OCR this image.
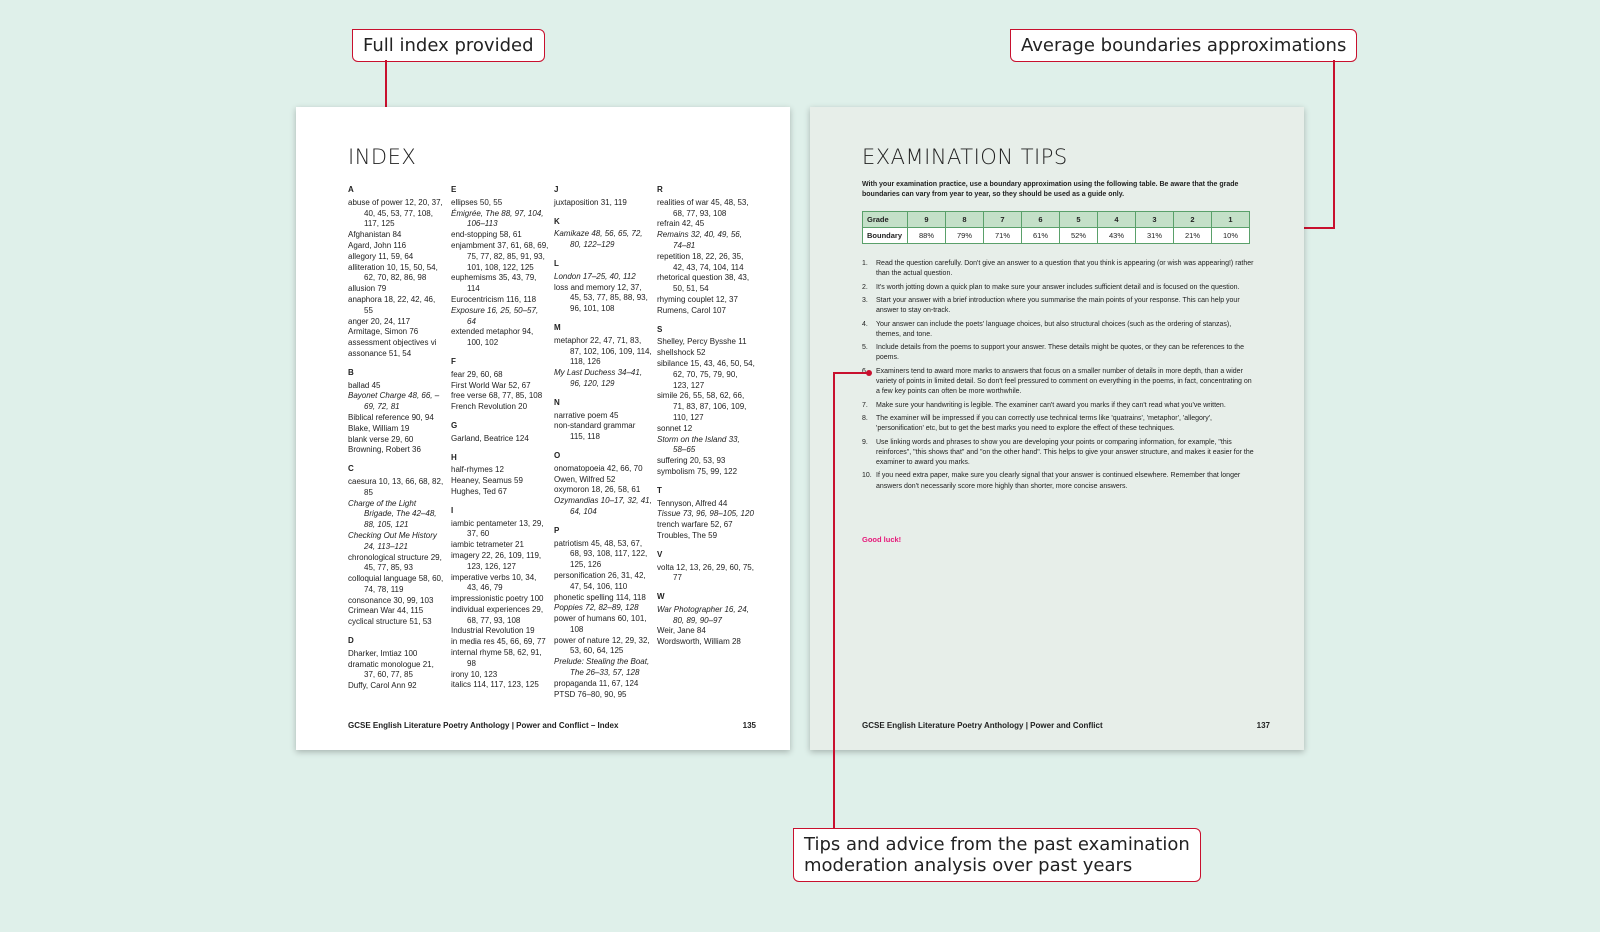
Full index provided	Average boundaries approximations
INDEX
A
abuse of power 12, 20, 37, 40, 45, 53, 77, 108, 117, 125
Afghanistan 84
Agard, John 116
allegory 11, 59, 64
alliteration 10, 15, 50, 54, 62, 70, 82, 86, 98
allusion 79
anaphora 18, 22, 42, 46, 55
anger 20, 24, 117
Armitage, Simon 76
assessment objectives vi
assonance 51, 54
B
ballad 45
Bayonet Charge 48, 66, –69, 72, 81
Biblical reference 90, 94
Blake, William 19
blank verse 29, 60
Browning, Robert 36
C
caesura 10, 13, 66, 68, 82, 85
Charge of the Light Brigade, The 42–48, 88, 105, 121
Checking Out Me History 24, 113–121
chronological structure 29, 45, 77, 85, 93
colloquial language 58, 60, 74, 78, 119
consonance 30, 99, 103
Crimean War 44, 115
cyclical structure 51, 53
D
Dharker, Imtiaz 100
dramatic monologue 21, 37, 60, 77, 85
Duffy, Carol Ann 92
E
ellipses 50, 55
Émigrée, The 88, 97, 104, 106–113
end-stopping 58, 61
enjambment 37, 61, 68, 69, 75, 77, 82, 85, 91, 93, 101, 108, 122, 125
euphemisms 35, 43, 79, 114
Eurocentricism 116, 118
Exposure 16, 25, 50–57, 64
extended metaphor 94, 100, 102
F
fear 29, 60, 68
First World War 52, 67
free verse 68, 77, 85, 108
French Revolution 20
G
Garland, Beatrice 124
H
half-rhymes 12
Heaney, Seamus 59
Hughes, Ted 67
I
iambic pentameter 13, 29, 37, 60
iambic tetrameter 21
imagery 22, 26, 109, 119, 123, 126, 127
imperative verbs 10, 34, 43, 46, 79
impressionistic poetry 100
individual experiences 29, 68, 77, 93, 108
Industrial Revolution 19
in media res 45, 66, 69, 77
internal rhyme 58, 62, 91, 98
irony 10, 123
italics 114, 117, 123, 125
J
juxtaposition 31, 119
K
Kamikaze 48, 56, 65, 72, 80, 122–129
L
London 17–25, 40, 112
loss and memory 12, 37, 45, 53, 77, 85, 88, 93, 96, 101, 108
M
metaphor 22, 47, 71, 83, 87, 102, 106, 109, 114, 118, 126
My Last Duchess 34–41, 96, 120, 129
N
narrative poem 45
non-standard grammar 115, 118
O
onomatopoeia 42, 66, 70
Owen, Wilfred 52
oxymoron 18, 26, 58, 61
Ozymandias 10–17, 32, 41, 64, 104
P
patriotism 45, 48, 53, 67, 68, 93, 108, 117, 122, 125, 126
personification 26, 31, 42, 47, 54, 106, 110
phonetic spelling 114, 118
Poppies 72, 82–89, 128
power of humans 60, 101, 108
power of nature 12, 29, 32, 53, 60, 64, 125
Prelude: Stealing the Boat, The 26–33, 57, 128
propaganda 11, 67, 124
PTSD 76–80, 90, 95
R
realities of war 45, 48, 53, 68, 77, 93, 108
refrain 42, 45
Remains 32, 40, 49, 56, 74–81
repetition 18, 22, 26, 35, 42, 43, 74, 104, 114
rhetorical question 38, 43, 50, 51, 54
rhyming couplet 12, 37
Rumens, Carol 107
S
Shelley, Percy Bysshe 11
shellshock 52
sibilance 15, 43, 46, 50, 54, 62, 70, 75, 79, 90, 123, 127
simile 26, 55, 58, 62, 66, 71, 83, 87, 106, 109, 110, 127
sonnet 12
Storm on the Island 33, 58–65
suffering 20, 53, 93
symbolism 75, 99, 122
T
Tennyson, Alfred 44
Tissue 73, 96, 98–105, 120
trench warfare 52, 67
Troubles, The 59
V
volta 12, 13, 26, 29, 60, 75, 77
W
War Photographer 16, 24, 80, 89, 90–97
Weir, Jane 84
Wordsworth, William 28
GCSE English Literature Poetry Anthology | Power and Conflict – Index	135
EXAMINATION TIPS
With your examination practice, use a boundary approximation using the following table. Be aware that the grade boundaries can vary from year to year, so they should be used as a guide only.
Grade	9	8	7	6	5	4	3	2	1
Boundary	88%	79%	71%	61%	52%	43%	31%	21%	10%
1.	Read the question carefully. Don't give an answer to a question that you think is appearing (or wish was appearing!) rather than the actual question.
2.	It's worth jotting down a quick plan to make sure your answer includes sufficient detail and is focused on the question.
3.	Start your answer with a brief introduction where you summarise the main points of your response. This can help your answer to stay on-track.
4.	Your answer can include the poets' language choices, but also structural choices (such as the ordering of stanzas), themes, and tone.
5.	Include details from the poems to support your answer. These details might be quotes, or they can be references to the poems.
Examiners tend to award more marks to answers that focus on a smaller number of details in more depth, than a wider variety of points in limited detail. So don't feel pressured to comment on everything in the poems, in fact, concentrating on a few key points can often be more worthwhile.
7.	Make sure your handwriting is legible. The examiner can't award you marks if they can't read what you've written.
8.	The examiner will be impressed if you can correctly use technical terms like 'quatrains', 'metaphor', 'allegory', 'personification' etc, but to get the best marks you need to explore the effect of these techniques.
9.	Use linking words and phrases to show you are developing your points or comparing information, for example, "this reinforces", "this shows that" and "on the other hand". This helps to give your answer structure, and makes it easier for the examiner to award you marks.
10. If you need extra paper, make sure you clearly signal that your answer is continued elsewhere. Remember that longer answers don't necessarily score more highly than shorter, more concise answers.
Good luck!
GCSE English Literature Poetry Anthology | Power and Conflict	137
Tips and advice from the past examination
moderation analysis over past years
